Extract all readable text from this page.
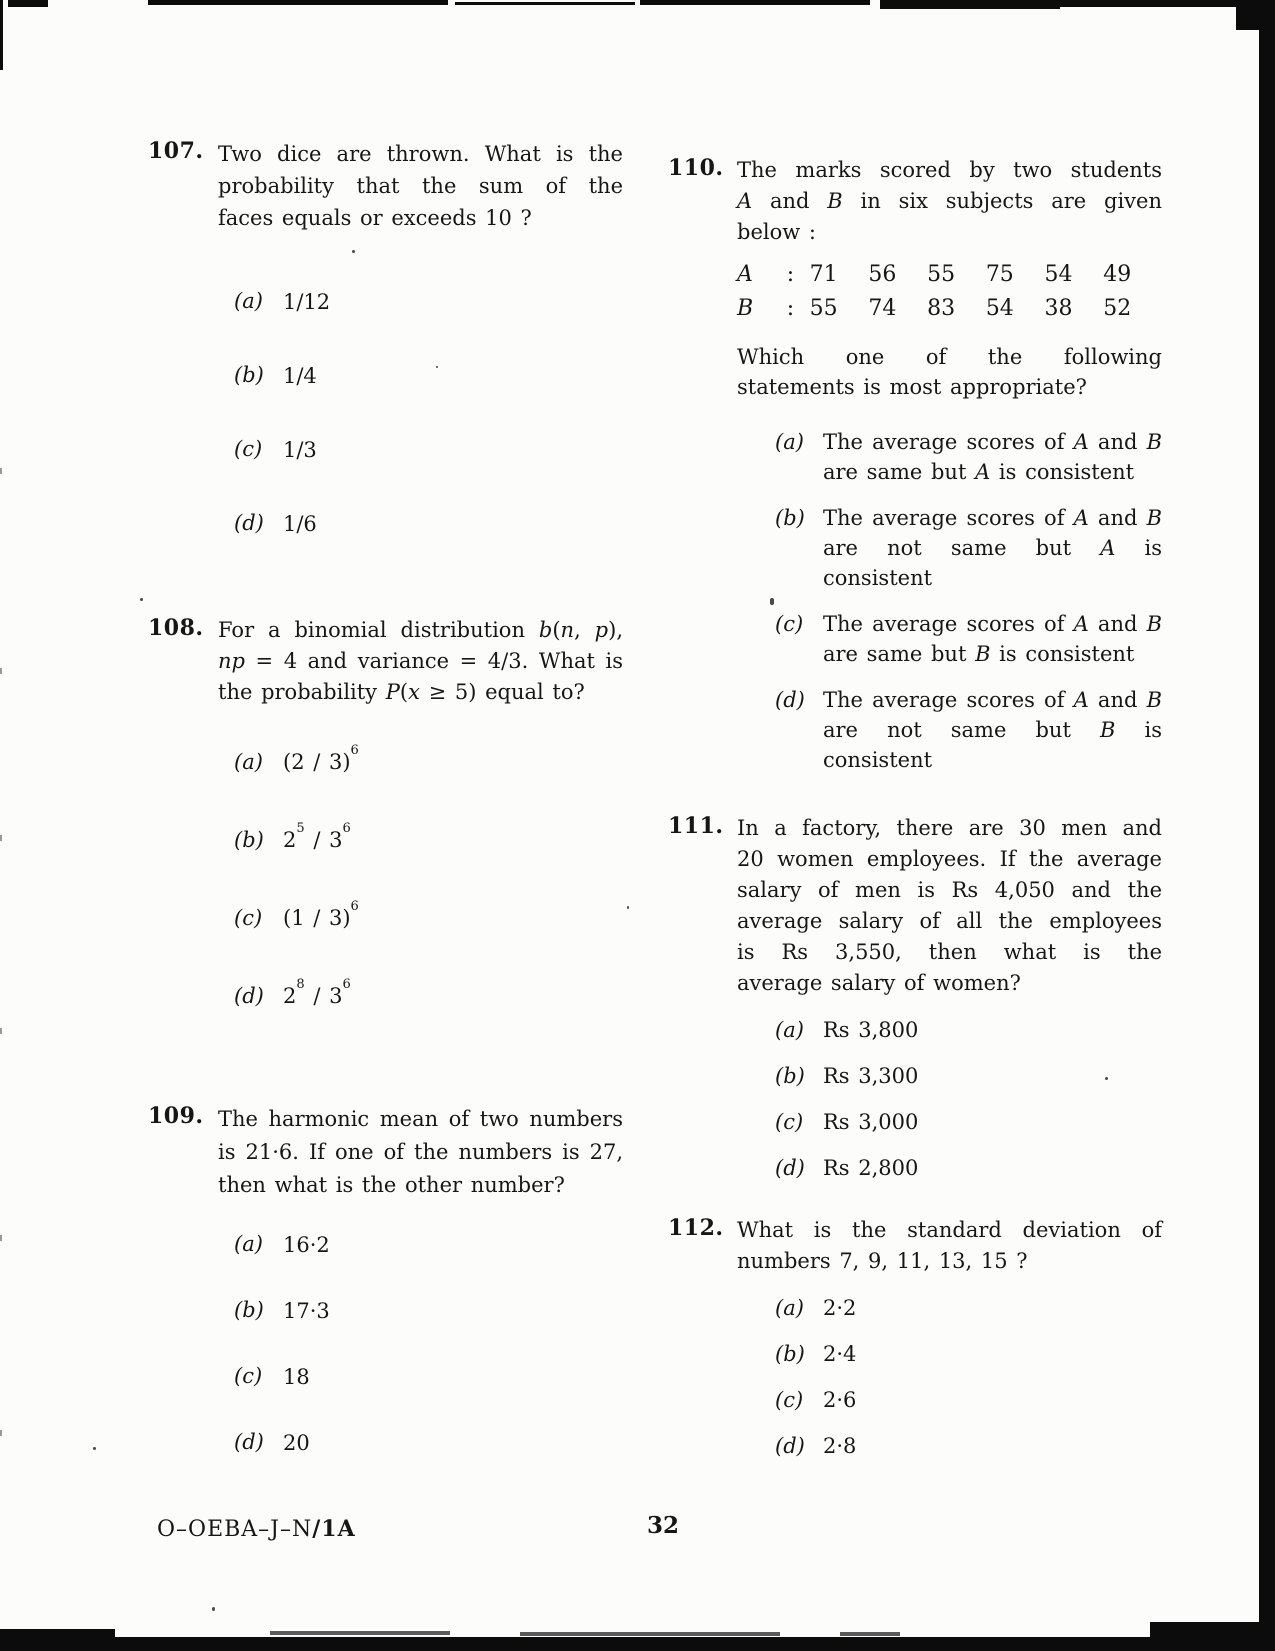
107. Two dice are thrown. What is the
probability that the sum of the
faces equals or exceeds 10 ?
(a) 1/12
(b) 1/4
(c) 1/3
(d) 1/6
108. For a binomial distribution b(n, p),
np = 4 and variance = 4/3. What is
the probability P(x ≥ 5) equal to?
(a) (2 / 3)$^6$
(b) $2^5 / 3^6$
(c) (1 / 3)$^6$
(d) $2^8 / 3^6$
109. The harmonic mean of two numbers
is 21·6. If one of the numbers is 27,
then what is the other number?
(a) 16·2
(b) 17·3
(c) 18
(d) 20
110. The marks scored by two students
A and B in six subjects are given
below :
A	: 71	56	55	75	54	49
B	: 55	74	83	54	38	52
Which one of the following
statements is most appropriate?
(a) The average scores of A and B
are same but A is consistent
(b) The average scores of A and B
are not same but A is
consistent
(c) The average scores of A and B
are same but B is consistent
(d) The average scores of A and B
are not same but B is
consistent
111. In a factory, there are 30 men and
20 women employees. If the average
salary of men is Rs 4,050 and the
average salary of all the employees
is Rs 3,550, then what is the
average salary of women?
(a) Rs 3,800
(b) Rs 3,300
(c) Rs 3,000
(d) Rs 2,800
112. What is the standard deviation of
numbers 7, 9, 11, 13, 15 ?
(a) 2·2
(b) 2·4
(c) 2·6
(d) 2·8
O–OEBA–J–N/1A	32
